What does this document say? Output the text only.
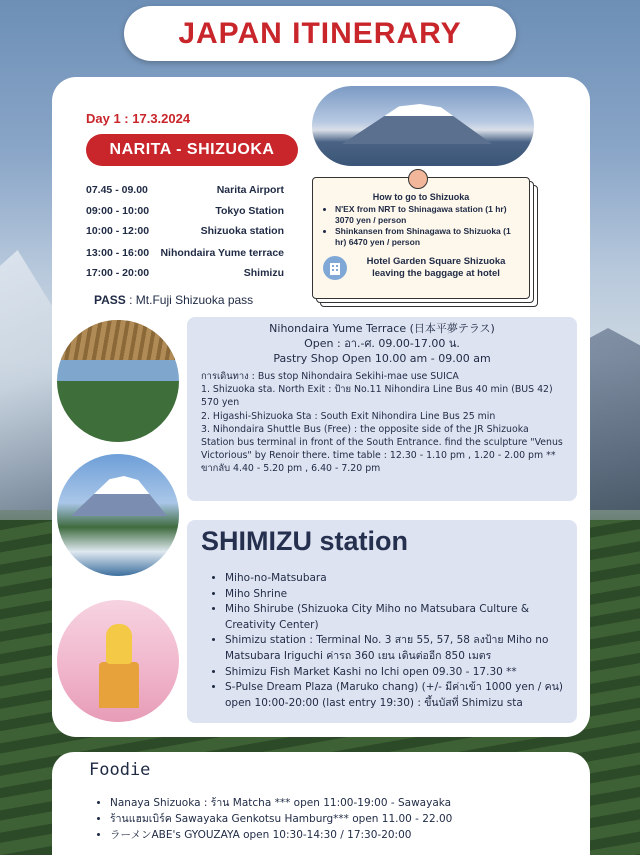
JAPAN ITINERARY
Day 1 : 17.3.2024
NARITA - SHIZUOKA
07.45 - 09.00	Narita Airport
09:00 - 10:00	Tokyo Station
10:00 - 12:00	Shizuoka station
13:00 - 16:00 Nihondaira Yume terrace
17:00 - 20:00	Shimizu
PASS : Mt.Fuji Shizuoka pass
How to go to Shizuoka
• N'EX from NRT to Shinagawa station (1 hr) 3070 yen / person
• Shinkansen from Shinagawa to Shizuoka (1 hr) 6470 yen / person
Hotel Garden Square Shizuoka leaving the baggage at hotel
Nihondaira Yume Terrace (日本平夢テラス)
Open : อา.-ศ. 09.00-17.00 น.
Pastry Shop Open 10.00 am - 09.00 am
การเดินทาง : Bus stop Nihondaira Sekihi-mae use SUICA
1. Shizuoka sta. North Exit : ป้าย No.11 Nihondira Line Bus 40 min (BUS 42) 570 yen
2. Higashi-Shizuoka Sta : South Exit Nihondira Line Bus 25 min
3. Nihondaira Shuttle Bus (Free) : the opposite side of the JR Shizuoka Station bus terminal in front of the South Entrance. find the sculpture "Venus Victorious" by Renoir there. time table : 12.30 - 1.10 pm , 1.20 - 2.00 pm **
ขากลับ 4.40 - 5.20 pm , 6.40 - 7.20 pm
SHIMIZU station
• Miho-no-Matsubara
• Miho Shrine
• Miho Shirube (Shizuoka City Miho no Matsubara Culture & Creativity Center)
• Shimizu station : Terminal No. 3 สาย 55, 57, 58 ลงป้าย Miho no Matsubara Iriguchi ค่ารถ 360 เยน เดินต่ออีก 850 เมตร
• Shimizu Fish Market Kashi no Ichi open 09.30 - 17.30 **
• S-Pulse Dream Plaza (Maruko chang) (+/- มีค่าเข้า 1000 yen / คน) open 10:00-20:00 (last entry 19:30) : ขึ้นบัสที่ Shimizu sta
Foodie
• Nanaya Shizuoka : ร้าน Matcha *** open 11:00-19:00 - Sawayaka
• ร้านแฮมเบิร์ค Sawayaka Genkotsu Hamburg*** open 11.00 - 22.00
• ラーメンABE's GYOUZAYA open 10:30-14:30 / 17:30-20:00
